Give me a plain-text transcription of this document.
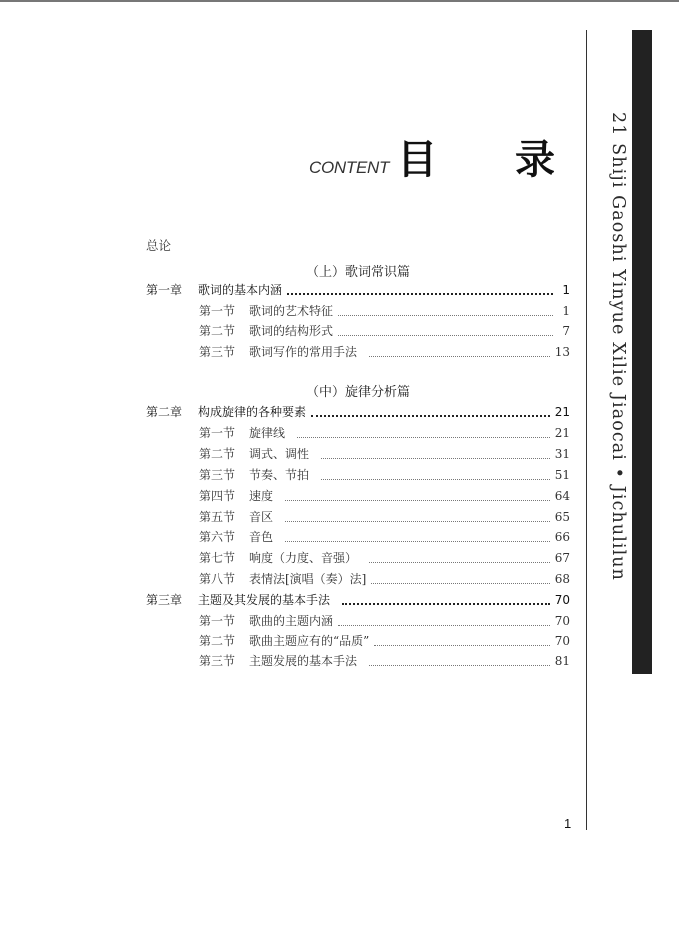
21 Shiji Gaoshi Yinyue Xilie Jiaocai • Jichulilun
CONTENT 目 录
总论
（上）歌词常识篇
第一章	歌词的基本内涵	1
第一节	歌词的艺术特征	1
第二节	歌词的结构形式	7
第三节	歌词写作的常用手法	13
（中）旋律分析篇
第二章	构成旋律的各种要素	21
第一节	旋律线	21
第二节	调式、调性	31
第三节	节奏、节拍	51
第四节	速度	64
第五节	音区	65
第六节	音色	66
第七节	响度（力度、音强）	67
第八节	表情法[演唱（奏）法]	68
第三章	主题及其发展的基本手法	70
第一节	歌曲的主题内涵	70
第二节	歌曲主题应有的“品质”	70
第三节	主题发展的基本手法	81
1
